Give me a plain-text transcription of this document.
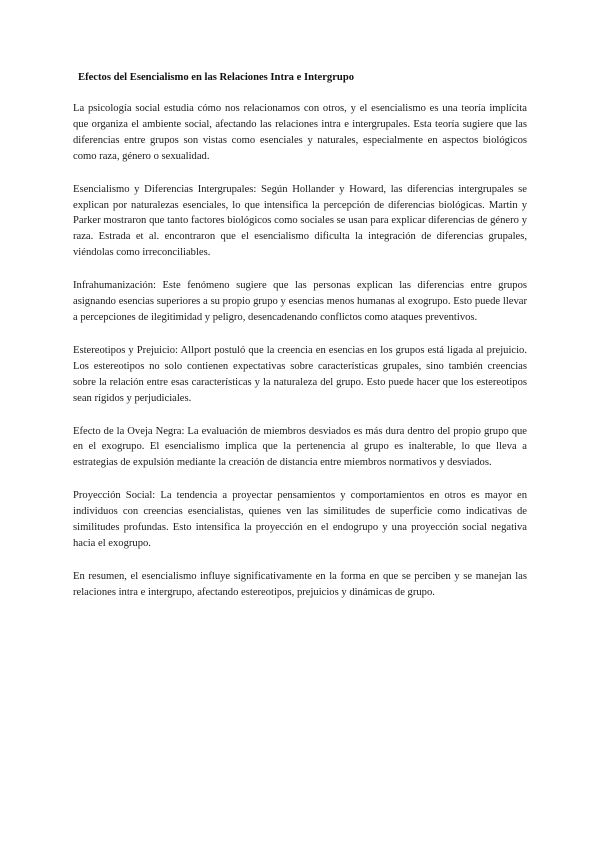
Efectos del Esencialismo en las Relaciones Intra e Intergrupo

La psicología social estudia cómo nos relacionamos con otros, y el esencialismo es una teoría implícita que organiza el ambiente social, afectando las relaciones intra e intergrupales. Esta teoría sugiere que las diferencias entre grupos son vistas como esenciales y naturales, especialmente en aspectos biológicos como raza, género o sexualidad.

Esencialismo y Diferencias Intergrupales: Según Hollander y Howard, las diferencias intergrupales se explican por naturalezas esenciales, lo que intensifica la percepción de diferencias biológicas. Martin y Parker mostraron que tanto factores biológicos como sociales se usan para explicar diferencias de género y raza. Estrada et al. encontraron que el esencialismo dificulta la integración de diferencias grupales, viéndolas como irreconciliables.

Infrahumanización: Este fenómeno sugiere que las personas explican las diferencias entre grupos asignando esencias superiores a su propio grupo y esencias menos humanas al exogrupo. Esto puede llevar a percepciones de ilegitimidad y peligro, desencadenando conflictos como ataques preventivos.

Estereotipos y Prejuicio: Allport postuló que la creencia en esencias en los grupos está ligada al prejuicio. Los estereotipos no solo contienen expectativas sobre características grupales, sino también creencias sobre la relación entre esas características y la naturaleza del grupo. Esto puede hacer que los estereotipos sean rígidos y perjudiciales.

Efecto de la Oveja Negra: La evaluación de miembros desviados es más dura dentro del propio grupo que en el exogrupo. El esencialismo implica que la pertenencia al grupo es inalterable, lo que lleva a estrategias de expulsión mediante la creación de distancia entre miembros normativos y desviados.

Proyección Social: La tendencia a proyectar pensamientos y comportamientos en otros es mayor en individuos con creencias esencialistas, quienes ven las similitudes de superficie como indicativas de similitudes profundas. Esto intensifica la proyección en el endogrupo y una proyección social negativa hacia el exogrupo.

En resumen, el esencialismo influye significativamente en la forma en que se perciben y se manejan las relaciones intra e intergrupo, afectando estereotipos, prejuicios y dinámicas de grupo.
